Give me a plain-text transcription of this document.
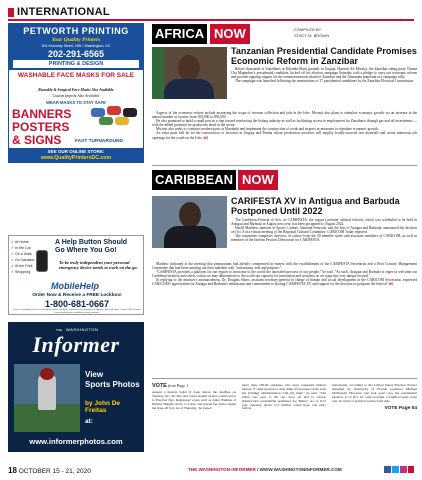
INTERNATIONAL
PETWORTH PRINTING
Your Quality Printers
301 Kennedy Street, NW • Washington, DC
202-291-6565
PRINTING & DESIGN
WASHABLE FACE MASKS FOR SALE
Reusable & Surgical Face Masks Also Available
Custom Imprint Also Available
WEAR MASKS TO STAY SAFE
BANNERS
POSTERS
& SIGNS	FAST TURNAROUND
SEE OUR ONLINE STORE:
www.QualityPrintersDC.com
✔ At Home
✔ In the Car
✔ On a Walk
✔ On Vacation
✔ At the Park
✔ Shopping
A Help Button Should
Go Where You Go!
To be truly independent your personal emergency device needs to work on the go.
MobileHelp
Order Now & Receive a FREE Lockbox!
1-800-681-0667
Service availability and accessibility/security on the AT&T network is not available everywhere and at all times. Current GPS location may not always be available in every situation.
THE WASHINGTON
Informer
View
Sports Photos
by John De Freitas
at:
www.informerphotos.com
AFRICA NOW	COMPILED BY
STACY M. BROWN
Tanzanian Presidential Candidate Promises Economic Reform in Zanzibar

Before thousands of Zanzibaris at Kibanda Maiti grounds in Unguja, Hussein Ali Mwinyi, the Zanzibar ruling party Chama Cha Mapinduzi's presidential candidate, kicked off his election campaign Saturday with a pledge to carry out economic reform and provide ongoing support for the semiautonomous island of Zanzibar and the Tanzanian mainland at a campaign rally.

The campaign was launched following the nominations of 17 presidential candidates by the Zanzibar Electoral Commission.

Aspects of the economic reform include increasing the scope of revenue collection and jobs in the Isles. Mwinyi also plans to stimulate economic growth via an increase in the annual number of tourists from 500,000 to 850,000.

He also promised to build a small port as a step toward reinforcing the fishing industry as well as facilitating access to employment for Zanzibaris through gas and oil investments — with the added potential for productive deals in the sector.

Mwinyi also seeks to construct modern ports at Maruhubi and implement the construction of roads and airports as measures to stimulate economic growth.

An extra push will be for the construction of factories in Unguja and Pemba whose production activities will employ locally-sourced raw materials and create numerous job openings for the youth on the Isles. WI

CARIBBEAN NOW
CARIFESTA XV in Antigua and Barbuda Postponed Until 2022

The Caribbean Festival of Arts, or CARIFESTA, the region's premier cultural festival, which was scheduled to be held in Antigua and Barbuda in August next year, has been postponed to August 2022.

Daryll Matthew, minister of Sports, Culture, National Festivals, and the Arts of Antigua and Barbuda, announced the decision on Oct. 8 at a virtual meeting of the Regional Cultural Committee, CARICOM Today reported.

The committee comprises directors of culture from the 20 member states and associate members of CARICOM, as well as members of the Interim Festival Directorate for CARIFESTA.

Matthew indicated at the meeting that preparations had already commenced in earnest with the establishment of the CARIFESTA Secretariat and a Host Country Management Committee that had been carrying out their mandate with "enthusiasm, zeal and purpose."

"CARIFESTA provides a platform for our region to showcase to the world the unrivaled prowess of our people," he said. "As such, Antigua and Barbuda is eager to welcome our Caribbean brothers and sisters so that we may demonstrate to the world our capacity for innovation and creativity as we stage this very unique festival."

In replying to the minister's announcement, Dr. Douglas Slater, assistant secretary-general in charge of human and social development at the CARICOM Secretariat, expressed CARICOM's appreciation for Antigua and Barbuda's enthusiasm and commitment to hosting CARIFESTA XV and support for the decision to postpone the festival. WI

VOTE from Page 1

request a mail-in ballot if done before the deadline on Tuesday, Oct. 20. She said voters should receive a ballot prior to Election Day. Registered voters such as Anita Watkins of District Heights drove to Largo and placed her ballot inside the drop-off box. As of Thursday, 'he joined

more than 236,00 residents who have requested mail-in ballots. "I came up here to drop mine off because I don't trust the [Trump] administration with my mail," he said. "The ballot was easy to fill out, drop off and to choose [Democratic presidential nominee] Joe Biden." As of 6:15 p.m. Tuesday, about 11.5 million voters have cast early ballots

nationwide, according to the United States Election Project managed by University of Florida professor Michael McDonald. However, just four years ago, the presidential election, as of Oct. 16, only recorded 1.4 million early votes cast. In terms of political parties from nine

VOTE Page 54
18 OCTOBER 15 - 21, 2020	THE WASHINGTON INFORMER / WWW.WASHINGTONINFORMER.COM
